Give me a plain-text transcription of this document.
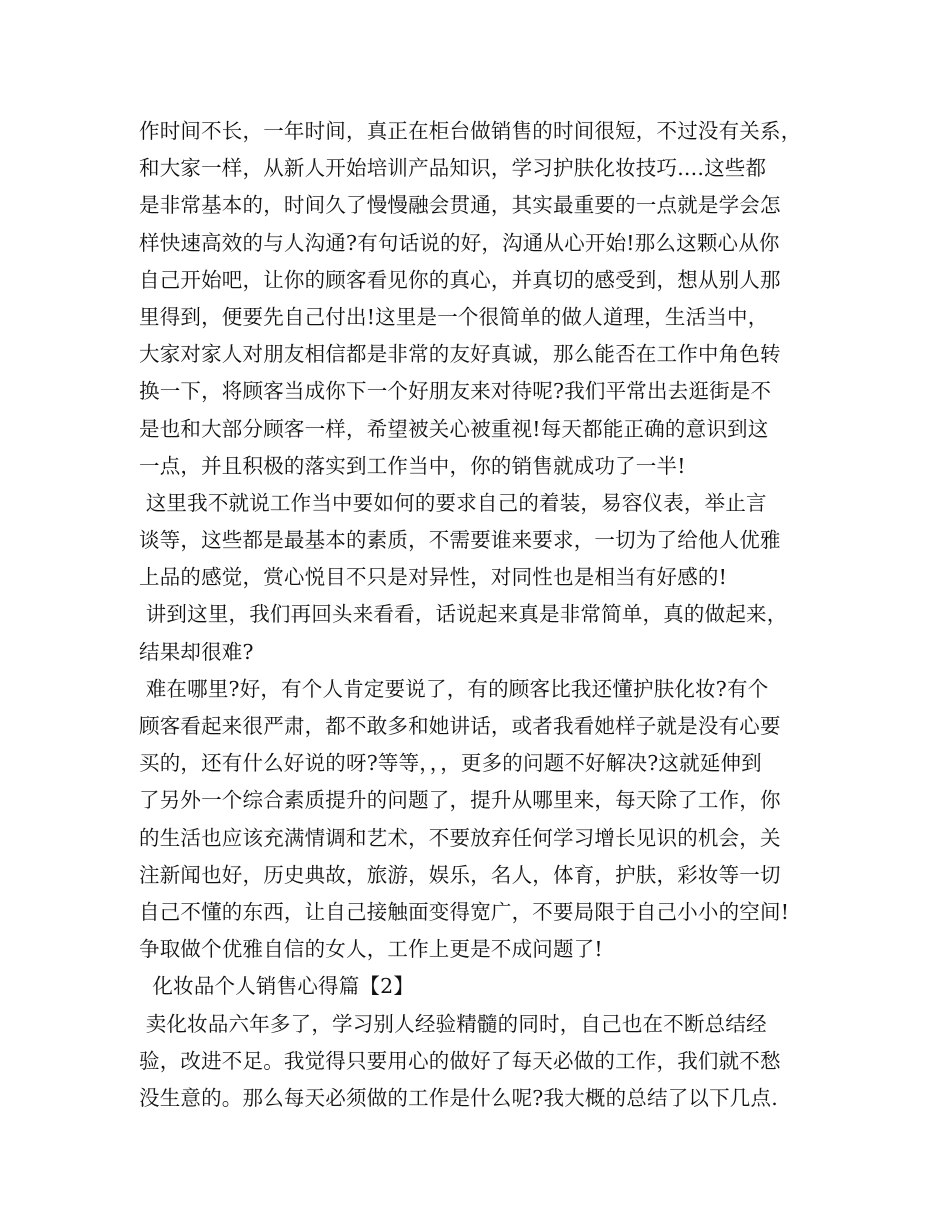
作时间不长，一年时间，真正在柜台做销售的时间很短，不过没有关系，
和大家一样，从新人开始培训产品知识，学习护肤化妆技巧....这些都
是非常基本的，时间久了慢慢融会贯通，其实最重要的一点就是学会怎
样快速高效的与人沟通?有句话说的好，沟通从心开始!那么这颗心从你
自己开始吧，让你的顾客看见你的真心，并真切的感受到，想从别人那
里得到，便要先自己付出!这里是一个很简单的做人道理，生活当中，
大家对家人对朋友相信都是非常的友好真诚，那么能否在工作中角色转
换一下，将顾客当成你下一个好朋友来对待呢?我们平常出去逛街是不
是也和大部分顾客一样，希望被关心被重视!每天都能正确的意识到这
一点，并且积极的落实到工作当中，你的销售就成功了一半!
这里我不就说工作当中要如何的要求自己的着装，易容仪表，举止言
谈等，这些都是最基本的素质，不需要谁来要求，一切为了给他人优雅
上品的感觉，赏心悦目不只是对异性，对同性也是相当有好感的!
讲到这里，我们再回头来看看，话说起来真是非常简单，真的做起来，
结果却很难?
难在哪里?好，有个人肯定要说了，有的顾客比我还懂护肤化妆?有个
顾客看起来很严肃，都不敢多和她讲话，或者我看她样子就是没有心要
买的，还有什么好说的呀?等等，，，更多的问题不好解决?这就延伸到
了另外一个综合素质提升的问题了，提升从哪里来，每天除了工作，你
的生活也应该充满情调和艺术，不要放弃任何学习增长见识的机会，关
注新闻也好，历史典故，旅游，娱乐，名人，体育，护肤，彩妆等一切
自己不懂的东西，让自己接触面变得宽广，不要局限于自己小小的空间!
争取做个优雅自信的女人，工作上更是不成问题了!
化妆品个人销售心得篇【2】
卖化妆品六年多了，学习别人经验精髓的同时，自己也在不断总结经
验，改进不足。我觉得只要用心的做好了每天必做的工作，我们就不愁
没生意的。那么每天必须做的工作是什么呢?我大概的总结了以下几点.
